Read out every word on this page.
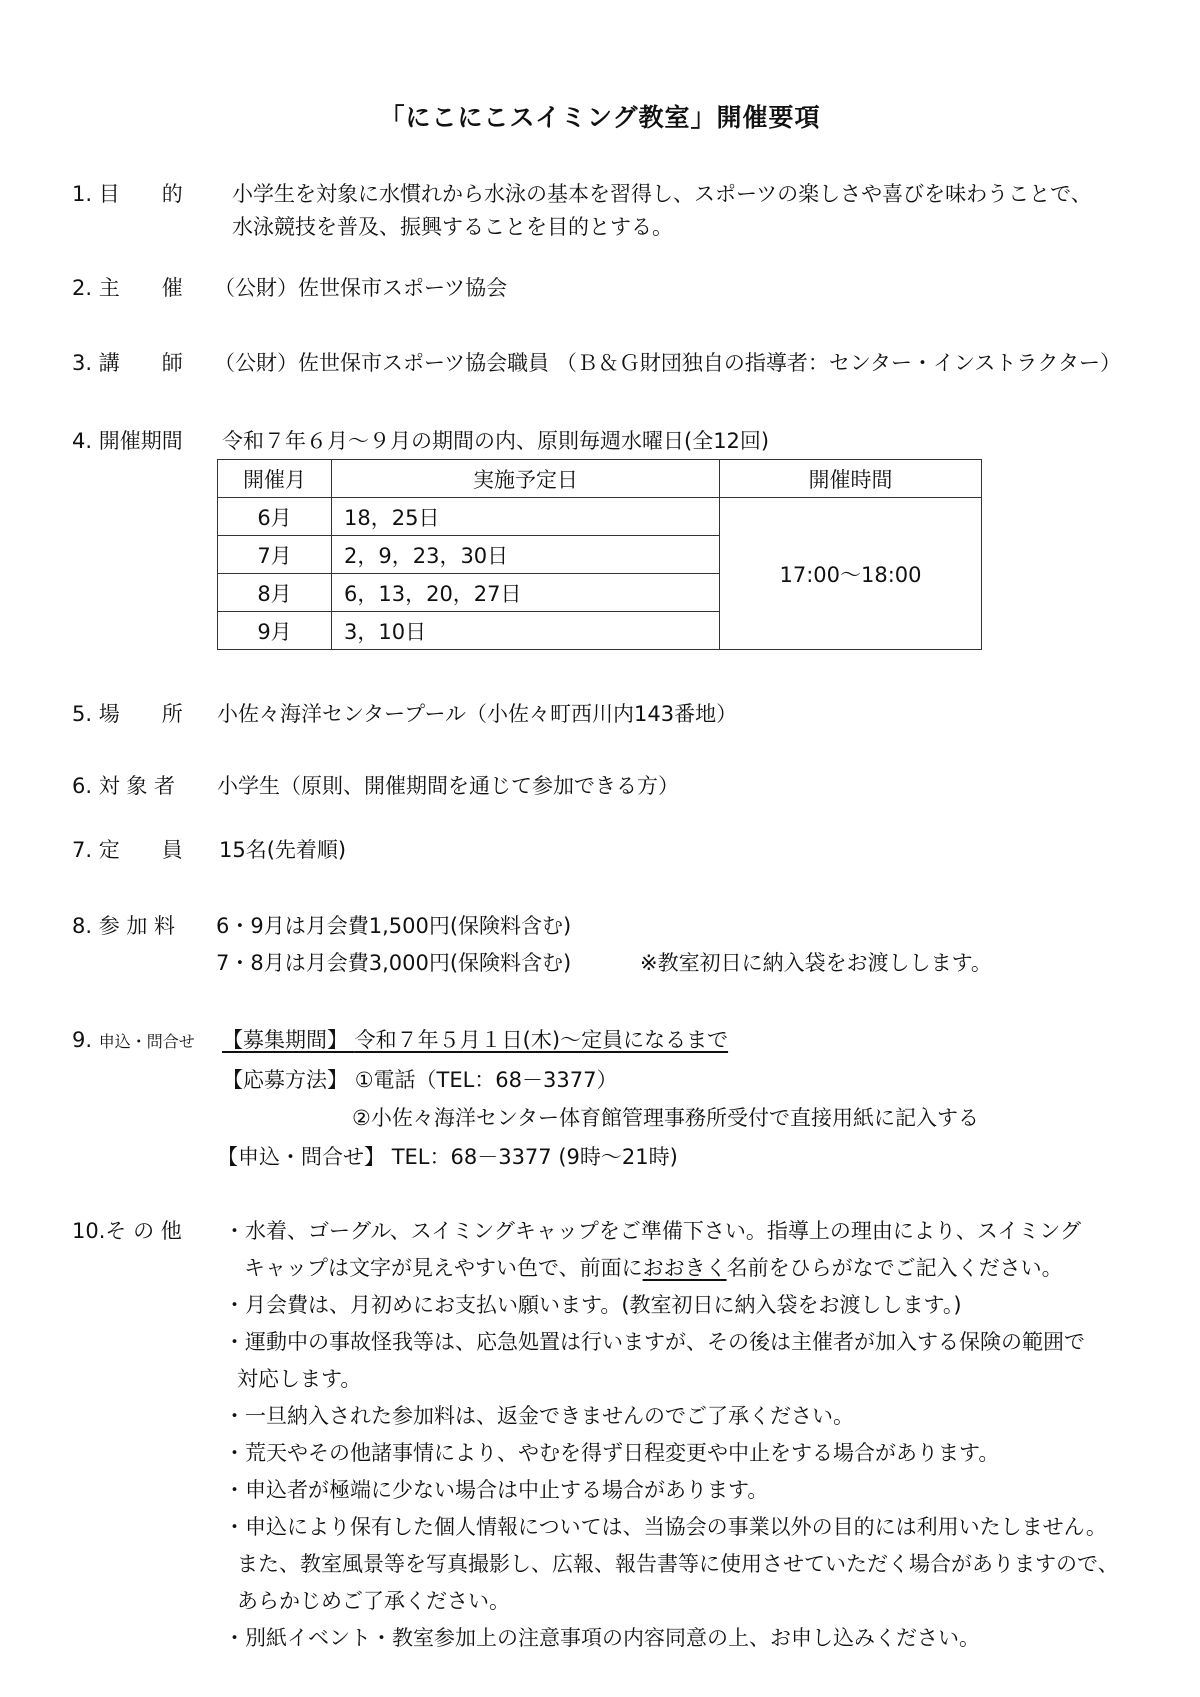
「にこにこスイミング教室」開催要項
1. 目　　的 小学生を対象に水慣れから水泳の基本を習得し、スポーツの楽しさや喜びを味わうことで、
水泳競技を普及、振興することを目的とする。
2. 主　　催 （公財）佐世保市スポーツ協会
3. 講　　師 （公財）佐世保市スポーツ協会職員 （Ｂ＆Ｇ財団独自の指導者：センター・インストラクター）
4. 開催期間 令和７年６月～９月の期間の内、原則毎週水曜日(全12回)
開催月	実施予定日	開催時間
6月	18，25日	17:00～18:00
7月	2，9，23，30日	
8月	6，13，20，27日	
9月	3，10日	
5. 場　　所 小佐々海洋センタープール（小佐々町西川内143番地）
6. 対 象 者 小学生（原則、開催期間を通じて参加できる方）
7. 定　　員 15名(先着順)
8. 参 加 料 6・9月は月会費1,500円(保険料含む)
7・8月は月会費3,000円(保険料含む)	※教室初日に納入袋をお渡しします。
9. 申込・問合せ 【募集期間】 令和７年５月１日(木)～定員になるまで
【応募方法】 ①電話（TEL：68－3377）
②小佐々海洋センター体育館管理事務所受付で直接用紙に記入する
【申込・問合せ】 TEL：68－3377 (9時～21時)
10.そ の 他 ・水着、ゴーグル、スイミングキャップをご準備下さい。指導上の理由により、スイミング
キャップは文字が見えやすい色で、前面におおきく名前をひらがなでご記入ください。
・月会費は、月初めにお支払い願います。(教室初日に納入袋をお渡しします。)
・運動中の事故怪我等は、応急処置は行いますが、その後は主催者が加入する保険の範囲で
対応します。
・一旦納入された参加料は、返金できませんのでご了承ください。
・荒天やその他諸事情により、やむを得ず日程変更や中止をする場合があります。
・申込者が極端に少ない場合は中止する場合があります。
・申込により保有した個人情報については、当協会の事業以外の目的には利用いたしません。
また、教室風景等を写真撮影し、広報、報告書等に使用させていただく場合がありますので、
あらかじめご了承ください。
・別紙イベント・教室参加上の注意事項の内容同意の上、お申し込みください。
